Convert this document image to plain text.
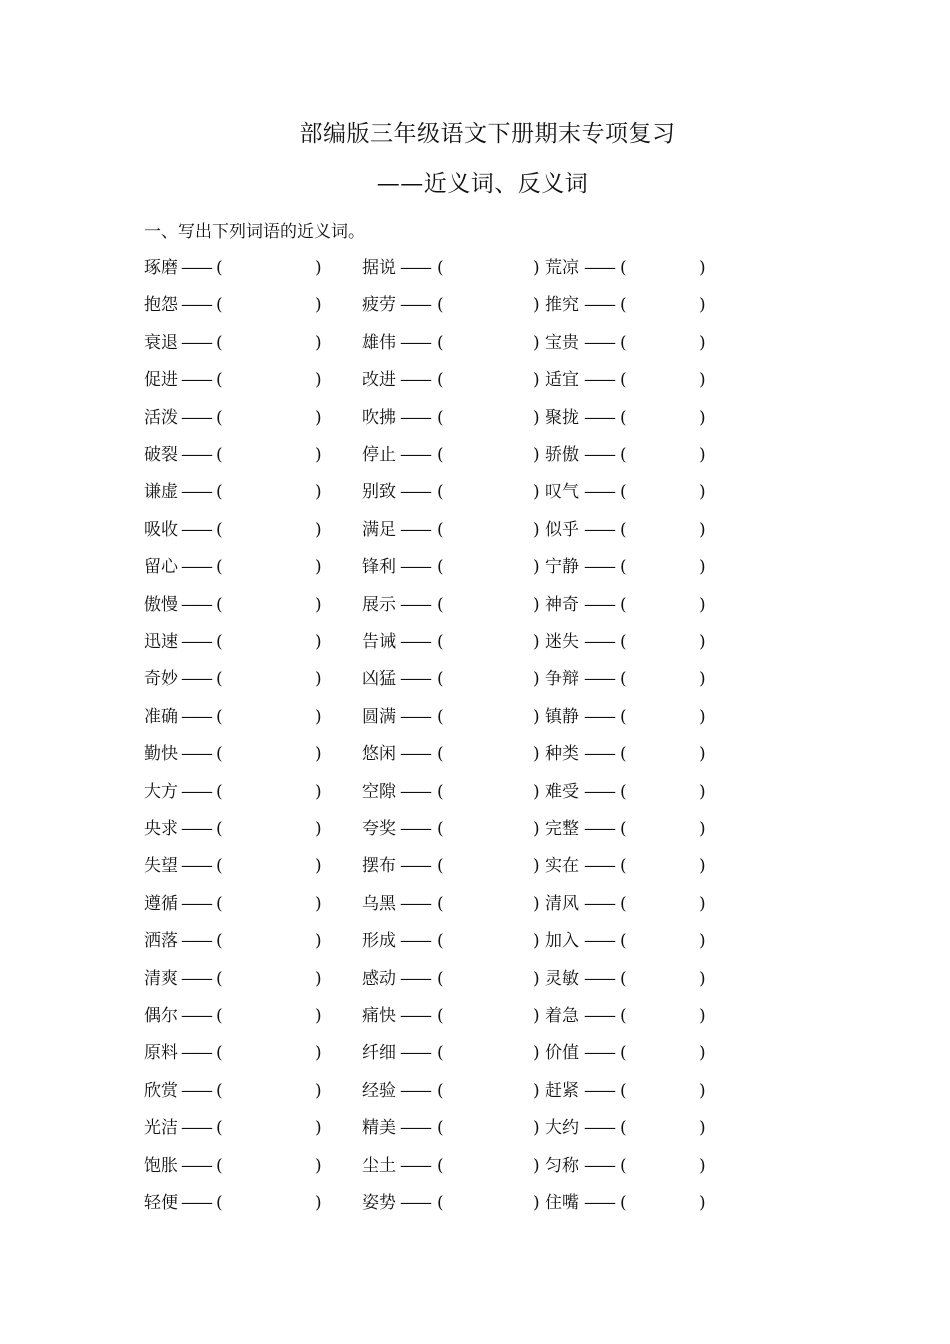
部编版三年级语文下册期末专项复习
——近义词、反义词
一、写出下列词语的近义词。
琢磨 —— (	) 据说 —— (	) 荒凉 —— (	)
抱怨 —— (	) 疲劳 —— (	) 推究 —— (	)
衰退 —— (	) 雄伟 —— (	) 宝贵 —— (	)
促进 —— (	) 改进 —— (	) 适宜 —— (	)
活泼 —— (	) 吹拂 —— (	) 聚拢 —— (	)
破裂 —— (	) 停止 —— (	) 骄傲 —— (	)
谦虚 —— (	) 别致 —— (	) 叹气 —— (	)
吸收 —— (	) 满足 —— (	) 似乎 —— (	)
留心 —— (	) 锋利 —— (	) 宁静 —— (	)
傲慢 —— (	) 展示 —— (	) 神奇 —— (	)
迅速 —— (	) 告诫 —— (	) 迷失 —— (	)
奇妙 —— (	) 凶猛 —— (	) 争辩 —— (	)
准确 —— (	) 圆满 —— (	) 镇静 —— (	)
勤快 —— (	) 悠闲 —— (	) 种类 —— (	)
大方 —— (	) 空隙 —— (	) 难受 —— (	)
央求 —— (	) 夸奖 —— (	) 完整 —— (	)
失望 —— (	) 摆布 —— (	) 实在 —— (	)
遵循 —— (	) 乌黑 —— (	) 清风 —— (	)
洒落 —— (	) 形成 —— (	) 加入 —— (	)
清爽 —— (	) 感动 —— (	) 灵敏 —— (	)
偶尔 —— (	) 痛快 —— (	) 着急 —— (	)
原料 —— (	) 纤细 —— (	) 价值 —— (	)
欣赏 —— (	) 经验 —— (	) 赶紧 —— (	)
光洁 —— (	) 精美 —— (	) 大约 —— (	)
饱胀 —— (	) 尘土 —— (	) 匀称 —— (	)
轻便 —— (	) 姿势 —— (	) 住嘴 —— (	)
